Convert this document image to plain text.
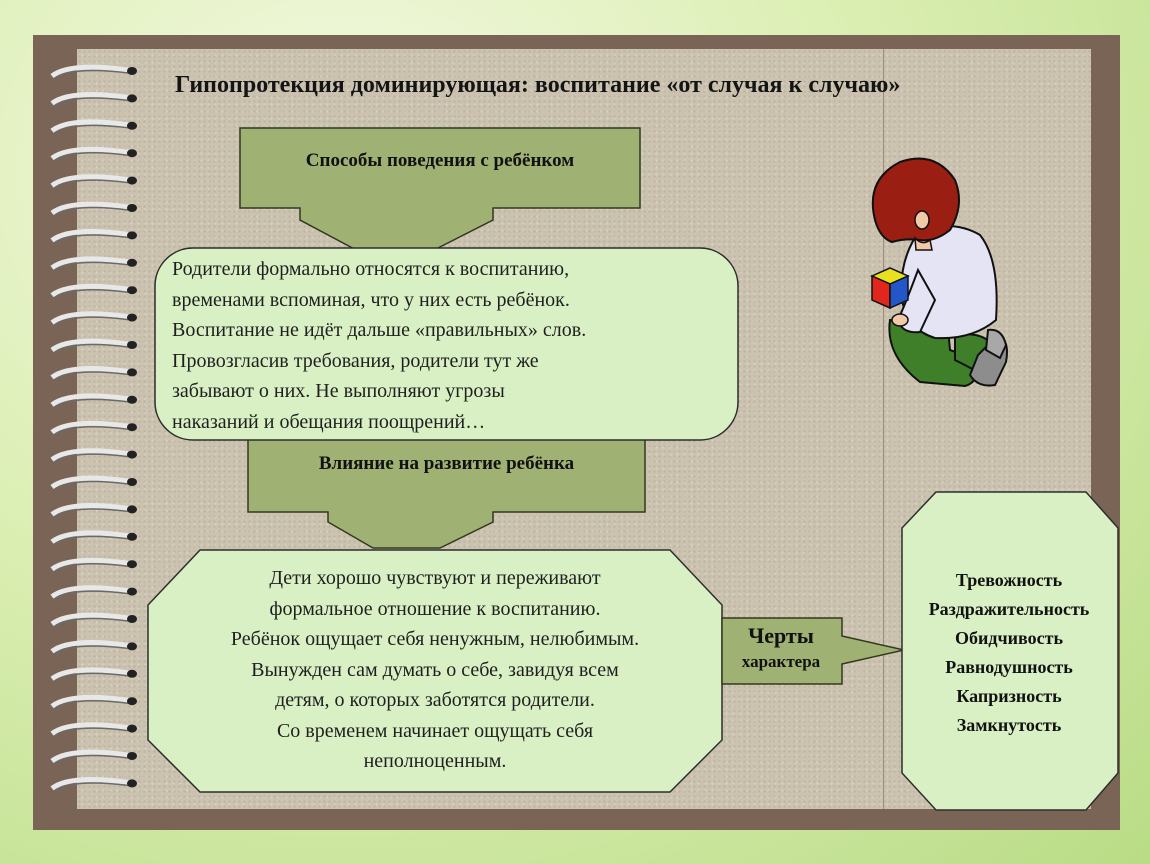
Гипопротекция доминирующая: воспитание «от случая к случаю»
Способы поведения с ребёнком
Родители формально относятся к воспитанию,
временами вспоминая, что у них есть ребёнок.
Воспитание не идёт дальше «правильных» слов.
Провозгласив требования, родители тут же
забывают о них. Не выполняют угрозы
наказаний и обещания поощрений…
Влияние на развитие ребёнка
Дети хорошо чувствуют и переживают
формальное отношение к воспитанию.
Ребёнок ощущает себя ненужным, нелюбимым.
Вынужден сам думать о себе, завидуя всем
детям, о которых заботятся родители.
Со временем начинает ощущать себя
неполноценным.
Черты
характера
Тревожность
Раздражительность
Обидчивость
Равнодушность
Капризность
Замкнутость
